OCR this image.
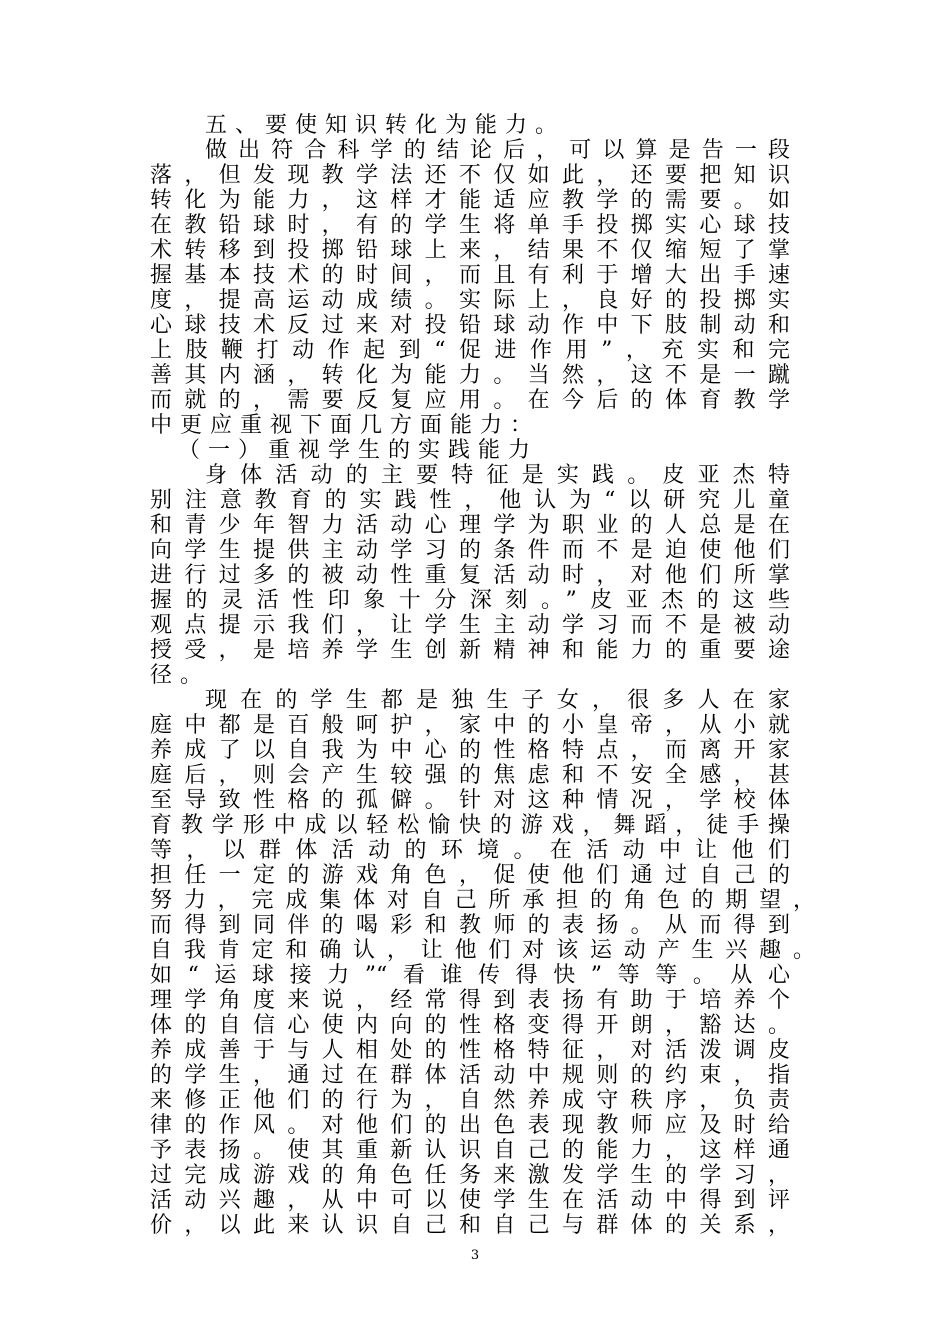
五、要使知识转化为能力。
做出符合科学的结论后，可以算是告一段
落，但发现教学法还不仅如此，还要把知识
转化为能力，这样才能适应教学的需要。如
在教铅球时，有的学生将单手投掷实心球技
术转移到投掷铅球上来，结果不仅缩短了掌
握基本技术的时间，而且有利于增大出手速
度，提高运动成绩。实际上，良好的投掷实
心球技术反过来对投铅球动作中下肢制动和
上肢鞭打动作起到“促进作用”，充实和完
善其内涵，转化为能力。当然，这不是一蹴
而就的，需要反复应用。在今后的体育教学
中更应重视下面几方面能力：
（一）重视学生的实践能力
身体活动的主要特征是实践。皮亚杰特
别注意教育的实践性，他认为“以研究儿童
和青少年智力活动心理学为职业的人总是在
向学生提供主动学习的条件而不是迫使他们
进行过多的被动性重复活动时，对他们所掌
握的灵活性印象十分深刻。”皮亚杰的这些
观点提示我们，让学生主动学习而不是被动
授受，是培养学生创新精神和能力的重要途
径。
现在的学生都是独生子女，很多人在家
庭中都是百般呵护，家中的小皇帝，从小就
养成了以自我为中心的性格特点，而离开家
庭后，则会产生较强的焦虑和不安全感，甚
至导致性格的孤僻。针对这种情况，学校体
育教学形中成以轻松愉快的游戏，舞蹈，徒手操
等，以群体活动的环境。在活动中让他们
担任一定的游戏角色，促使他们通过自己的
努力，完成集体对自己所承担的角色的期望，
而得到同伴的喝彩和教师的表扬。从而得到
自我肯定和确认，让他们对该运动产生兴趣。
如“运球接力”“看谁传得快”等等。从心
理学角度来说，经常得到表扬有助于培养个
体的自信心使内向的性格变得开朗，豁达。
养成善于与人相处的性格特征，对活泼调皮
的学生，通过在群体活动中规则的约束，指
来修正他们的行为，自然养成守秩序，负责
律的作风。对他们的出色表现教师应及时给
予表扬。使其重新认识自己的能力，这样通
过完成游戏的角色任务来激发学生的学习，
活动兴趣，从中可以使学生在活动中得到评
价，以此来认识自己和自己与群体的关系，
3
